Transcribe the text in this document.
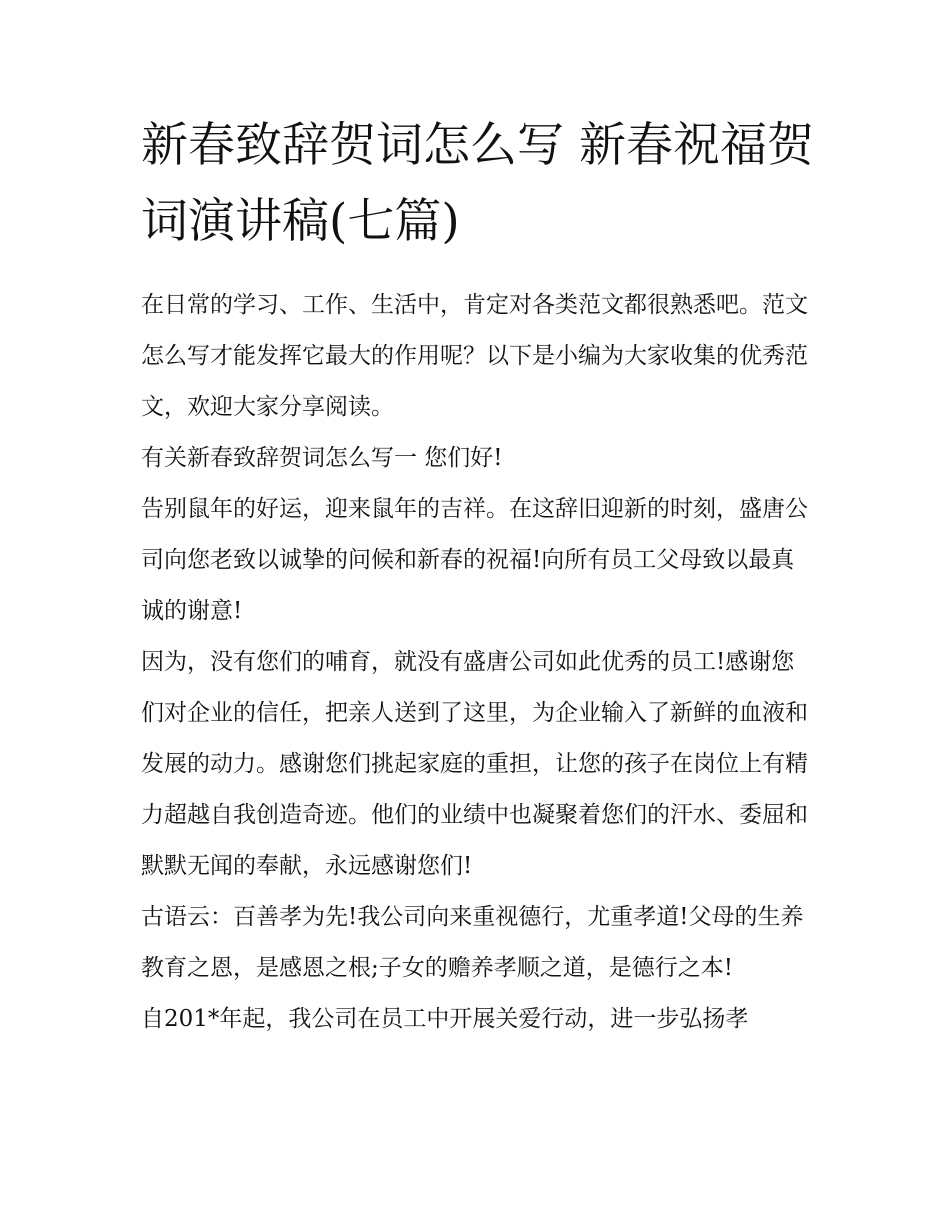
新春致辞贺词怎么写 新春祝福贺词演讲稿(七篇)

在日常的学习、工作、生活中，肯定对各类范文都很熟悉吧。范文怎么写才能发挥它最大的作用呢？以下是小编为大家收集的优秀范文，欢迎大家分享阅读。

有关新春致辞贺词怎么写一 您们好!

告别鼠年的好运，迎来鼠年的吉祥。在这辞旧迎新的时刻，盛唐公司向您老致以诚挚的问候和新春的祝福!向所有员工父母致以最真诚的谢意!

因为，没有您们的哺育，就没有盛唐公司如此优秀的员工!感谢您们对企业的信任，把亲人送到了这里，为企业输入了新鲜的血液和发展的动力。感谢您们挑起家庭的重担，让您的孩子在岗位上有精力超越自我创造奇迹。他们的业绩中也凝聚着您们的汗水、委屈和默默无闻的奉献，永远感谢您们!

古语云：百善孝为先!我公司向来重视德行，尤重孝道!父母的生养教育之恩，是感恩之根;子女的赡养孝顺之道，是德行之本!

自201*年起，我公司在员工中开展关爱行动，进一步弘扬孝
